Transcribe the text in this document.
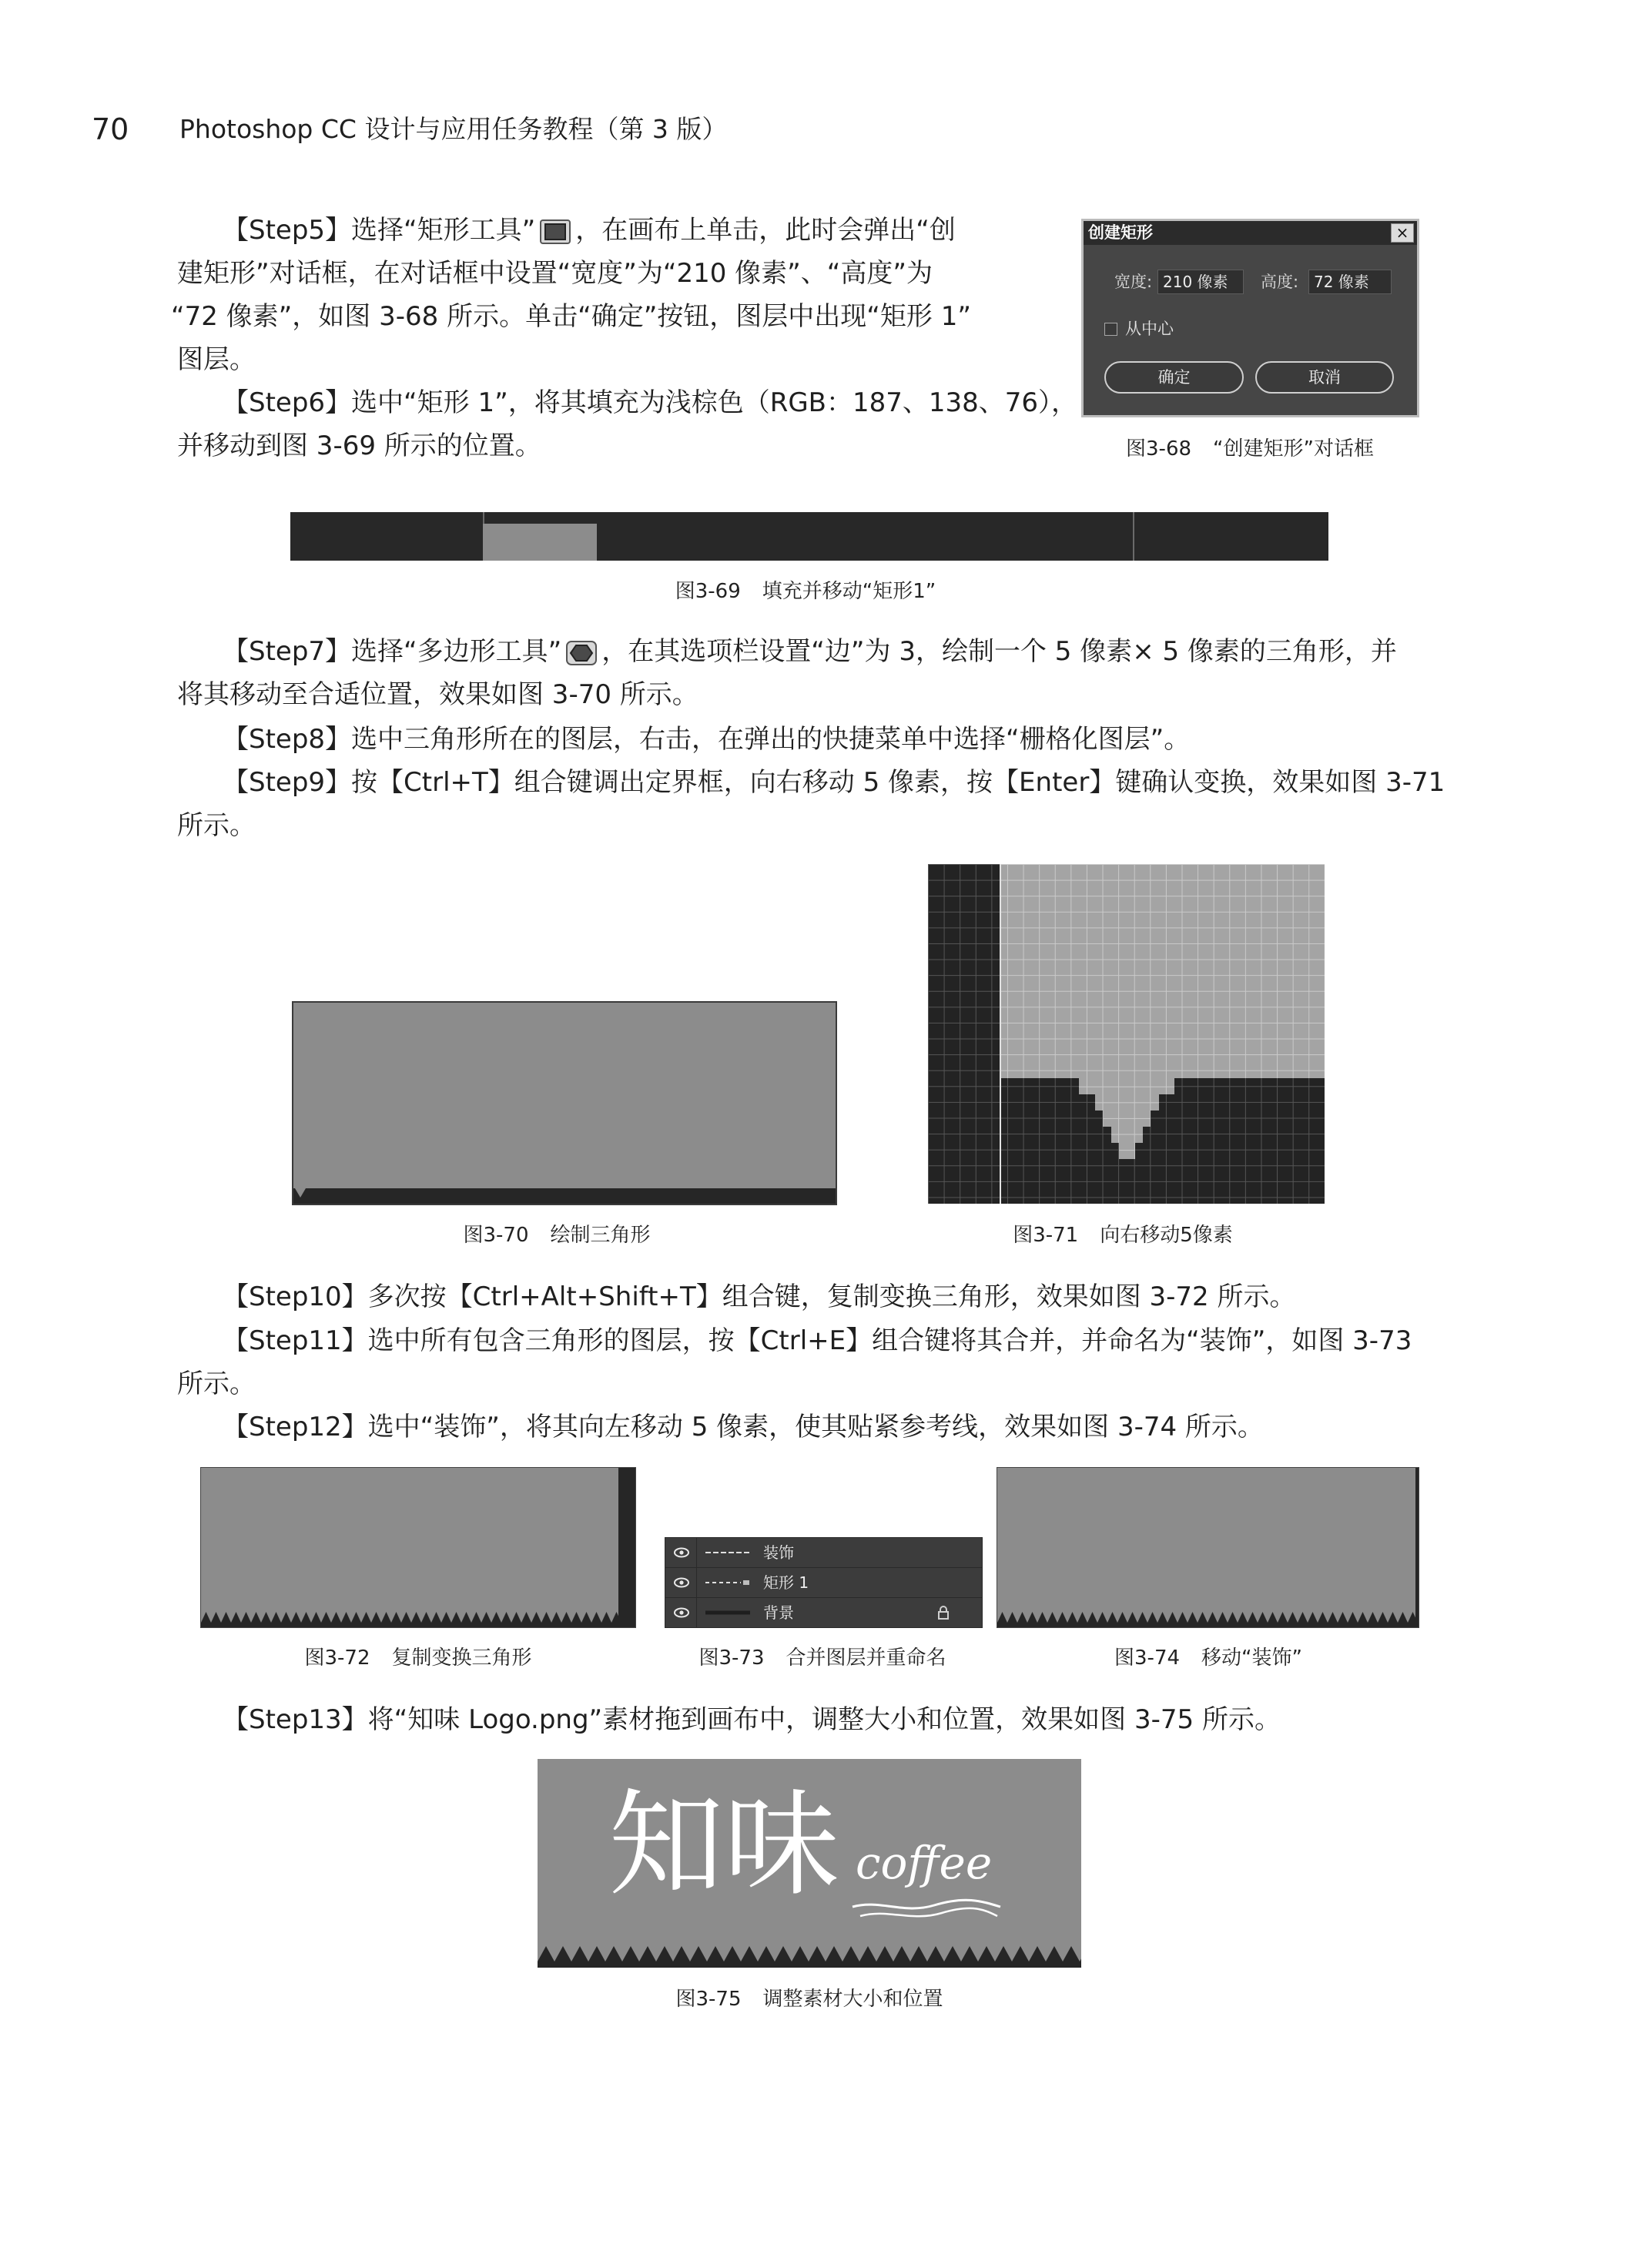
70 Photoshop CC 设计与应用任务教程（第 3 版）
【Step5】选择“矩形工具” ，在画布上单击，此时会弹出“创
建矩形”对话框，在对话框中设置“宽度”为“210 像素”、“高度”为
“72 像素”，如图 3-68 所示。单击“确定”按钮，图层中出现“矩形 1”
图层。
【Step6】选中“矩形 1”，将其填充为浅棕色（RGB：187、138、76），
并移动到图 3-69 所示的位置。
创建矩形	×
宽度: 210 像素	高度: 72 像素
从中心
确定	取消
图3-68 “创建矩形”对话框
图3-69 填充并移动“矩形1”
【Step7】选择“多边形工具” ，在其选项栏设置“边”为 3，绘制一个 5 像素× 5 像素的三角形，并
将其移动至合适位置，效果如图 3-70 所示。
【Step8】选中三角形所在的图层，右击，在弹出的快捷菜单中选择“栅格化图层”。
【Step9】按【Ctrl+T】组合键调出定界框，向右移动 5 像素，按【Enter】键确认变换，效果如图 3-71
所示。
图3-70 绘制三角形	图3-71 向右移动5像素
【Step10】多次按【Ctrl+Alt+Shift+T】组合键，复制变换三角形，效果如图 3-72 所示。
【Step11】选中所有包含三角形的图层，按【Ctrl+E】组合键将其合并，并命名为“装饰”，如图 3-73
所示。
【Step12】选中“装饰”，将其向左移动 5 像素，使其贴紧参考线，效果如图 3-74 所示。
装饰
矩形 1
背景
图3-72 复制变换三角形	图3-73 合并图层并重命名	图3-74 移动“装饰”
【Step13】将“知味 Logo.png”素材拖到画布中，调整大小和位置，效果如图 3-75 所示。
知味 coffee
图3-75 调整素材大小和位置
